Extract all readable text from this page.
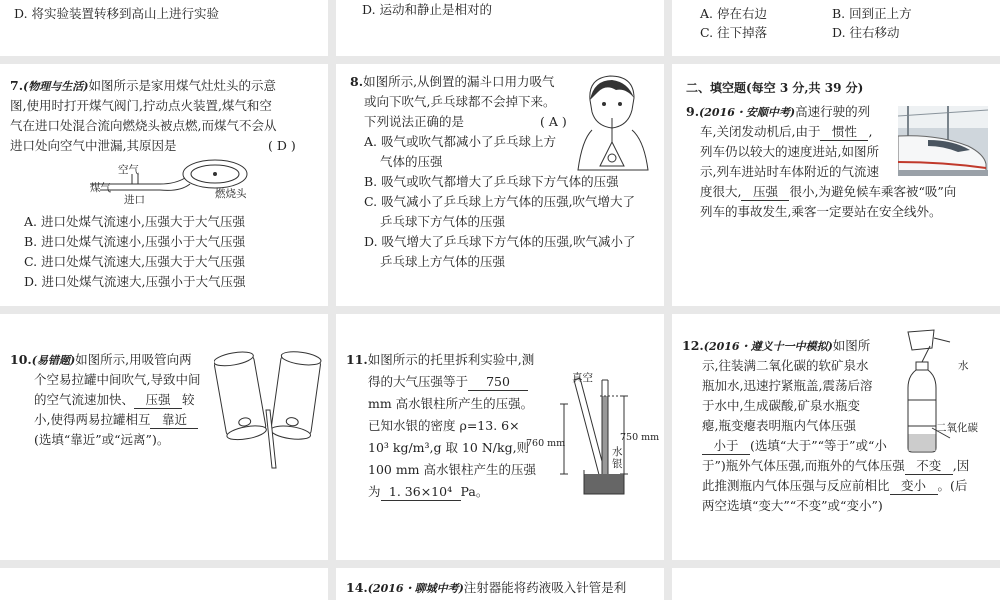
D. 将实验装置转移到高山上进行实验	D. 运动和静止是相对的	A. 停在右边	B. 回到正上方
C. 往下掉落	D. 往右移动
7.(物理与生活)如图所示是家用煤气灶灶头的示意
图,使用时打开煤气阀门,拧动点火装置,煤气和空
气在进口处混合流向燃烧头被点燃,而煤气不会从
进口处向空气中泄漏,其原因是	( D )
空气
煤气
进口	燃烧头
A. 进口处煤气流速小,压强大于大气压强
B. 进口处煤气流速小,压强小于大气压强
C. 进口处煤气流速大,压强大于大气压强
D. 进口处煤气流速大,压强小于大气压强
8.如图所示,从倒置的漏斗口用力吸气
或向下吹气,乒乓球都不会掉下来。
下列说法正确的是	( A )
A. 吸气或吹气都减小了乒乓球上方
气体的压强
B. 吸气或吹气都增大了乒乓球下方气体的压强
C. 吸气减小了乒乓球上方气体的压强,吹气增大了
乒乓球下方气体的压强
D. 吸气增大了乒乓球下方气体的压强,吹气减小了
乒乓球上方气体的压强
二、填空题(每空 3 分,共 39 分)
9.(2016・安顺中考)高速行驶的列
车,关闭发动机后,由于 惯性 ,
列车仍以较大的速度进站,如图所
示,列车进站时车体附近的气流速
度很大, 压强 很小,为避免候车乘客被“吸”向
列车的事故发生,乘客一定要站在安全线外。
10.(易错题)如图所示,用吸管向两
个空易拉罐中间吹气,导致中间
的空气流速加快、 压强 较
小,使得两易拉罐相互 靠近
(选填“靠近”或“远离”)。
11.如图所示的托里拆利实验中,测
得的大气压强等于 750
mm 高水银柱所产生的压强。
已知水银的密度 ρ=13. 6×
10³ kg/m³,g 取 10 N/kg,则
100 mm 高水银柱产生的压强
为 1. 36×10⁴ Pa。
真空
760 mm
750 mm
水银
12.(2016・遵义十一中模拟)如图所
示,往装满二氧化碳的软矿泉水
瓶加水,迅速拧紧瓶盖,震荡后溶
于水中,生成碳酸,矿泉水瓶变
瘪,瓶变瘪表明瓶内气体压强
小于 (选填“大于”“等于”或“小
于”)瓶外气体压强,而瓶外的气体压强 不变 ,因
此推测瓶内气体压强与反应前相比 变小 。(后
两空选填“变大”“不变”或“变小”)
水
二氧化碳
14.(2016・聊城中考)注射器能将药液吸入针管是利
